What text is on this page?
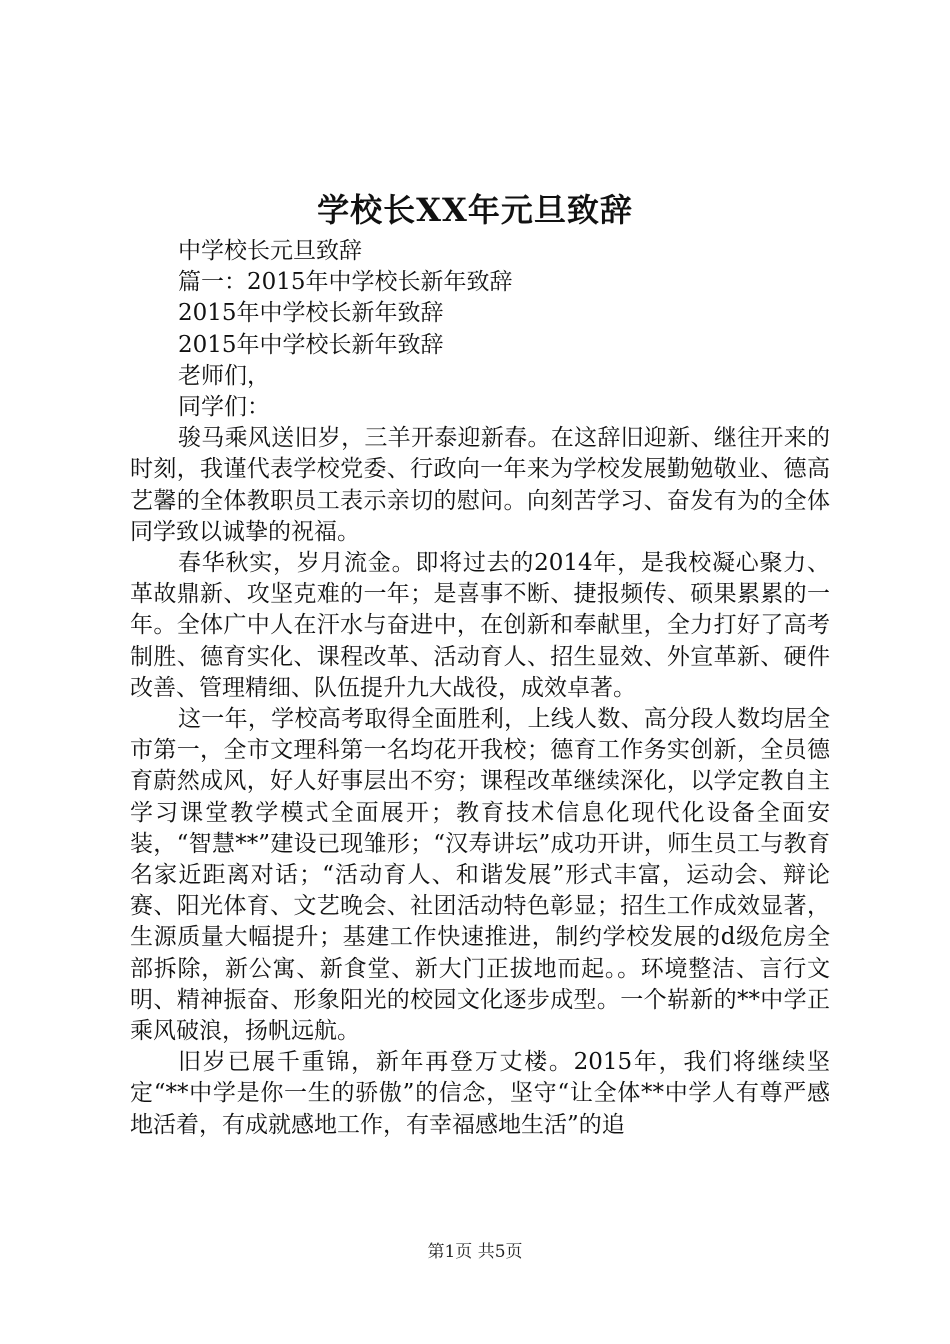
学校长XX年元旦致辞
中学校长元旦致辞
篇一：2015年中学校长新年致辞
2015年中学校长新年致辞
2015年中学校长新年致辞
老师们，
同学们：

骏马乘风送旧岁，三羊开泰迎新春。在这辞旧迎新、继往开来的时刻，我谨代表学校党委、行政向一年来为学校发展勤勉敬业、德高艺馨的全体教职员工表示亲切的慰问。向刻苦学习、奋发有为的全体同学致以诚挚的祝福。

春华秋实，岁月流金。即将过去的2014年，是我校凝心聚力、革故鼎新、攻坚克难的一年；是喜事不断、捷报频传、硕果累累的一年。全体广中人在汗水与奋进中，在创新和奉献里，全力打好了高考制胜、德育实化、课程改革、活动育人、招生显效、外宣革新、硬件改善、管理精细、队伍提升九大战役，成效卓著。

这一年，学校高考取得全面胜利，上线人数、高分段人数均居全市第一，全市文理科第一名均花开我校；德育工作务实创新，全员德育蔚然成风，好人好事层出不穷；课程改革继续深化，以学定教自主学习课堂教学模式全面展开；教育技术信息化现代化设备全面安装，“智慧**”建设已现雏形；“汉寿讲坛”成功开讲，师生员工与教育名家近距离对话；“活动育人、和谐发展”形式丰富，运动会、辩论赛、阳光体育、文艺晚会、社团活动特色彰显；招生工作成效显著，生源质量大幅提升；基建工作快速推进，制约学校发展的d级危房全部拆除，新公寓、新食堂、新大门正拔地而起。。环境整洁、言行文明、精神振奋、形象阳光的校园文化逐步成型。一个崭新的**中学正乘风破浪，扬帆远航。

旧岁已展千重锦，新年再登万丈楼。2015年，我们将继续坚定“**中学是你一生的骄傲”的信念，坚守“让全体**中学人有尊严感地活着，有成就感地工作，有幸福感地生活”的追

第1页 共5页
